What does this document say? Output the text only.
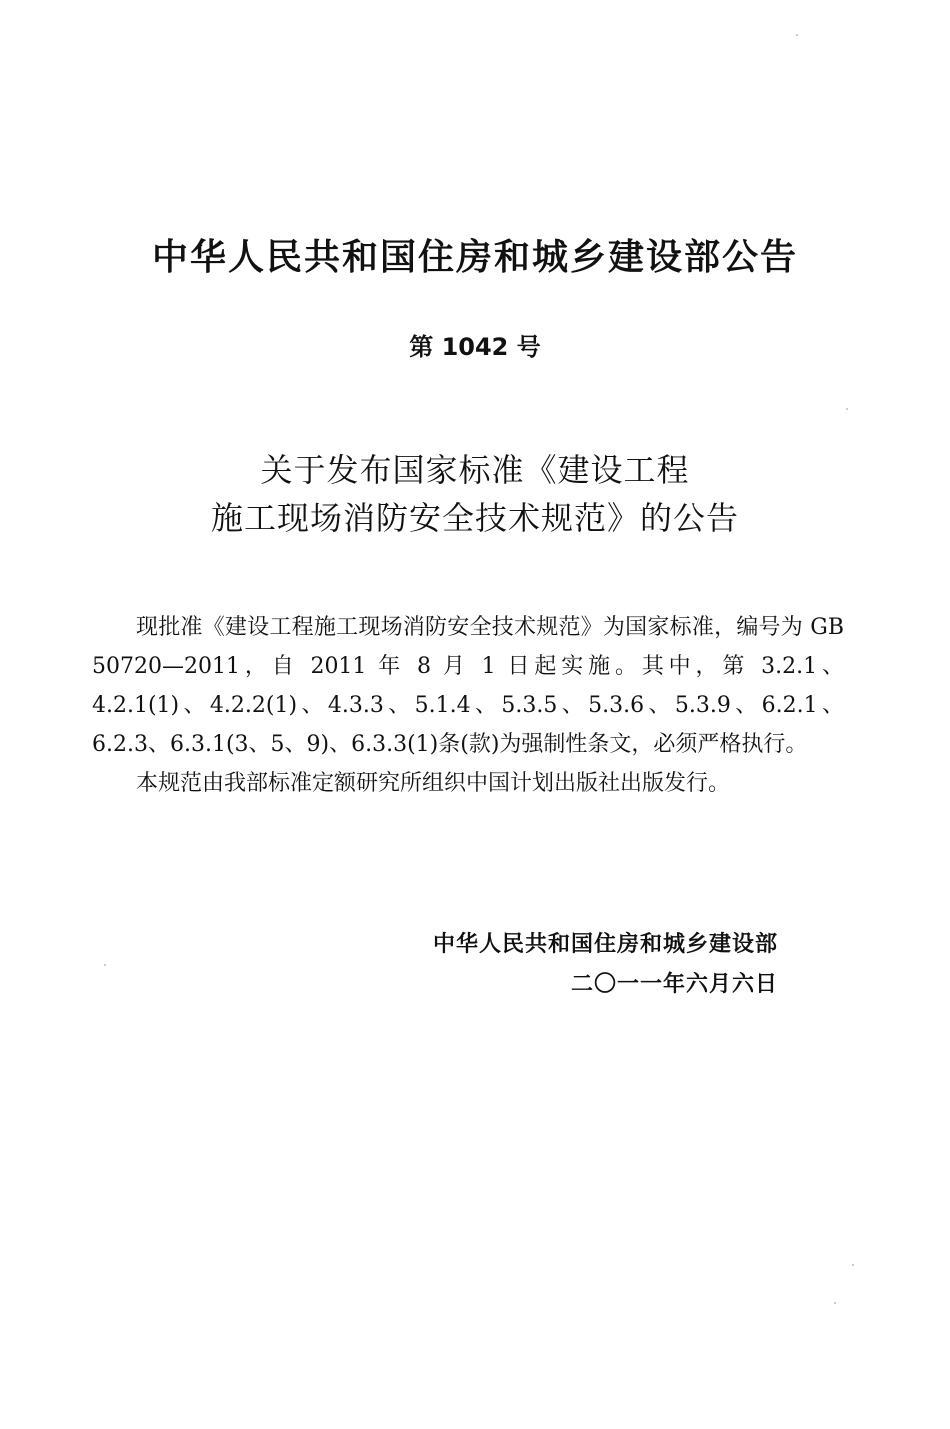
中华人民共和国住房和城乡建设部公告
第 1042 号
关于发布国家标准《建设工程
施工现场消防安全技术规范》的公告

现批准《建设工程施工现场消防安全技术规范》为国家标准，编号为 GB 50720—2011，自 2011 年 8 月 1 日起实施。其中，第 3.2.1、4.2.1(1)、4.2.2(1)、4.3.3、5.1.4、5.3.5、5.3.6、5.3.9、6.2.1、6.2.3、6.3.1(3、5、9)、6.3.3(1)条(款)为强制性条文，必须严格执行。

本规范由我部标准定额研究所组织中国计划出版社出版发行。

中华人民共和国住房和城乡建设部
二〇一一年六月六日
